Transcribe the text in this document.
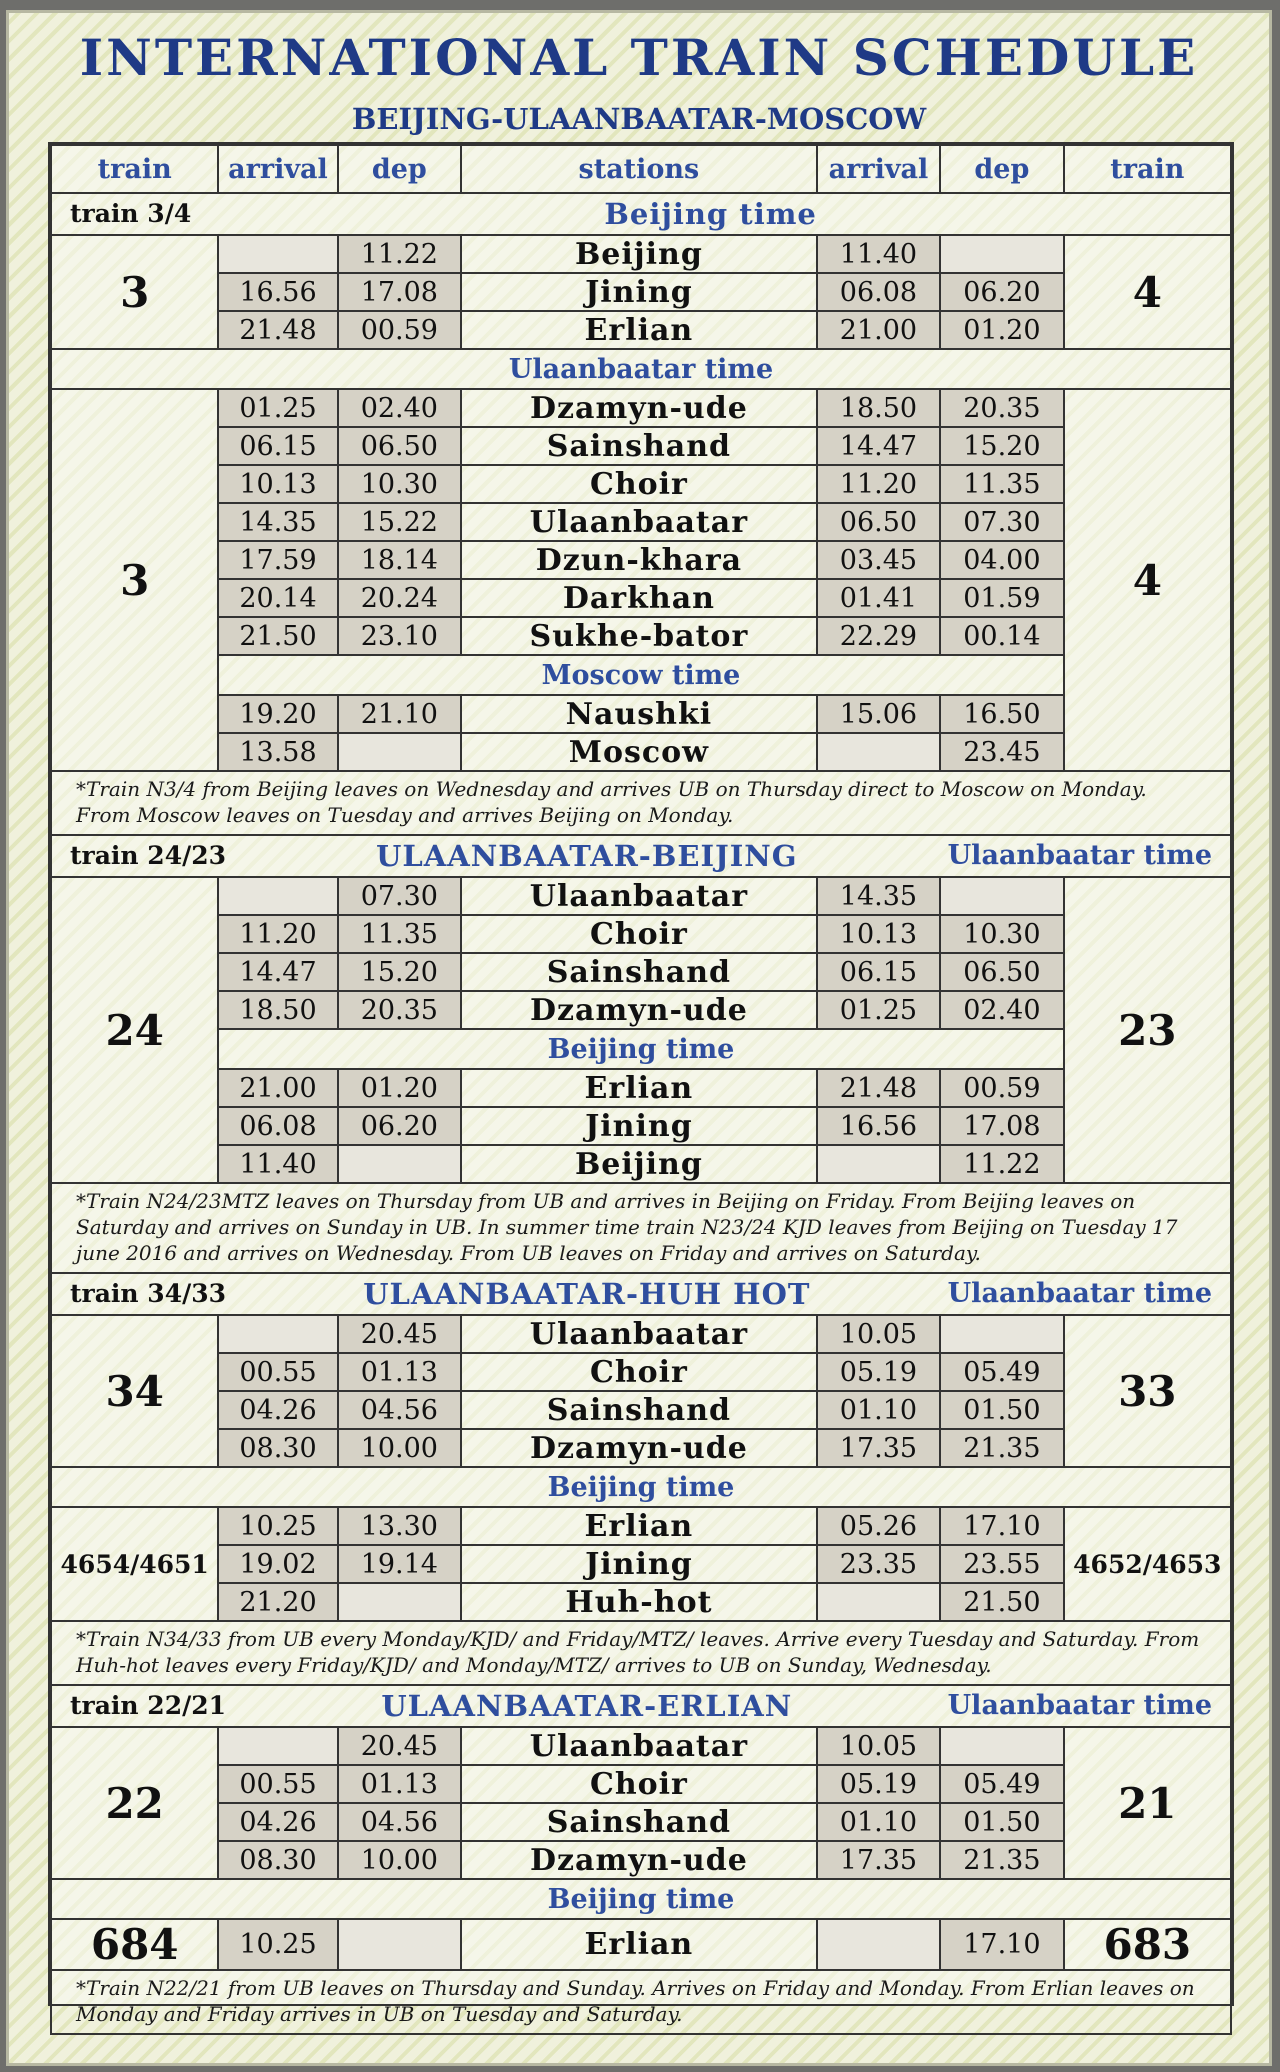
INTERNATIONAL TRAIN SCHEDULE
BEIJING-ULAANBAATAR-MOSCOW
train	arrival	dep	stations	arrival	dep	train

train 3/4 Beijing time						
3		11.22	Beijing	11.40		4
	16.56	17.08	Jining	06.08	06.20	
	21.48	00.59	Erlian	21.00	01.20	
Ulaanbaatar time						
3	01.25	02.40	Dzamyn-ude	18.50	20.35	4
	06.15	06.50	Sainshand	14.47	15.20	
	10.13	10.30	Choir	11.20	11.35	
	14.35	15.22	Ulaanbaatar	06.50	07.30	
	17.59	18.14	Dzun-khara	03.45	04.00	
	20.14	20.24	Darkhan	01.41	01.59	
	21.50	23.10	Sukhe-bator	22.29	00.14	
	Moscow time					
	19.20	21.10	Naushki	15.06	16.50	
	13.58		Moscow		23.45	
*Train N3/4 from Beijing leaves on Wednesday and arrives UB on Thursday direct to Moscow on Monday. From Moscow leaves on Tuesday and arrives Beijing on Monday.						

train 24/23 Ulaanbaatar time
ULAANBAATAR-BEIJING						
24		07.30	Ulaanbaatar	14.35		23
	11.20	11.35	Choir	10.13	10.30	
	14.47	15.20	Sainshand	06.15	06.50	
	18.50	20.35	Dzamyn-ude	01.25	02.40	
	Beijing time					
	21.00	01.20	Erlian	21.48	00.59	
	06.08	06.20	Jining	16.56	17.08	
	11.40		Beijing		11.22	
*Train N24/23MTZ leaves on Thursday from UB and arrives in Beijing on Friday. From Beijing leaves on Saturday and arrives on Sunday in UB. In summer time train N23/24 KJD leaves from Beijing on Tuesday 17 june 2016 and arrives on Wednesday. From UB leaves on Friday and arrives on Saturday.						

train 34/33 Ulaanbaatar time
ULAANBAATAR-HUH HOT						
34		20.45	Ulaanbaatar	10.05		33
	00.55	01.13	Choir	05.19	05.49	
	04.26	04.56	Sainshand	01.10	01.50	
	08.30	10.00	Dzamyn-ude	17.35	21.35	
Beijing time						
4654/4651	10.25	13.30	Erlian	05.26	17.10	4652/4653
	19.02	19.14	Jining	23.35	23.55	
	21.20		Huh-hot		21.50	
*Train N34/33 from UB every Monday/KJD/ and Friday/MTZ/ leaves. Arrive every Tuesday and Saturday. From Huh-hot leaves every Friday/KJD/ and Monday/MTZ/ arrives to UB on Sunday, Wednesday.						

train 22/21 Ulaanbaatar time
ULAANBAATAR-ERLIAN						
22		20.45	Ulaanbaatar	10.05		21
	00.55	01.13	Choir	05.19	05.49	
	04.26	04.56	Sainshand	01.10	01.50	
	08.30	10.00	Dzamyn-ude	17.35	21.35	
Beijing time						
684	10.25		Erlian		17.10	683
*Train N22/21 from UB leaves on Thursday and Sunday. Arrives on Friday and Monday. From Erlian leaves on Monday and Friday arrives in UB on Tuesday and Saturday.						
